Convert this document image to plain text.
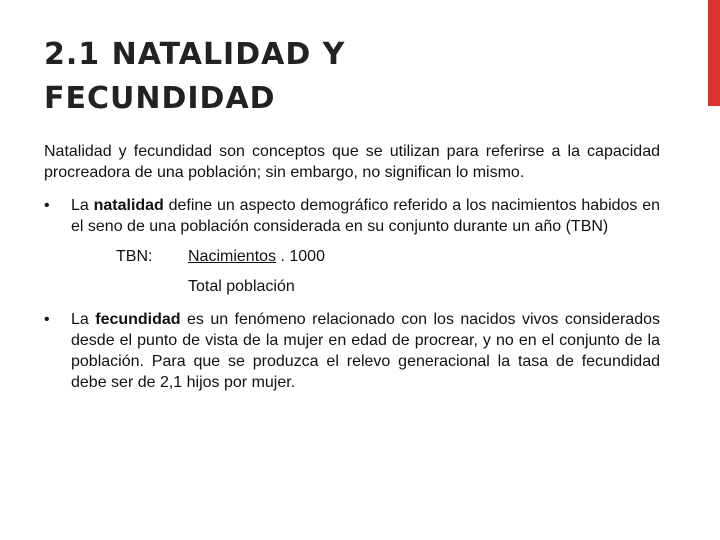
2.1 NATALIDAD Y
FECUNDIDAD

Natalidad y fecundidad son conceptos que se utilizan para referirse a la capacidad procreadora de una población; sin embargo, no significan lo mismo.

•	La natalidad define un aspecto demográfico referido a los nacimientos habidos en el seno de una población considerada en su conjunto durante un año (TBN)
TBN: Nacimientos . 1000
Total población
•	La fecundidad es un fenómeno relacionado con los nacidos vivos considerados desde el punto de vista de la mujer en edad de procrear, y no en el conjunto de la población. Para que se produzca el relevo generacional la tasa de fecundidad debe ser de 2,1 hijos por mujer.
